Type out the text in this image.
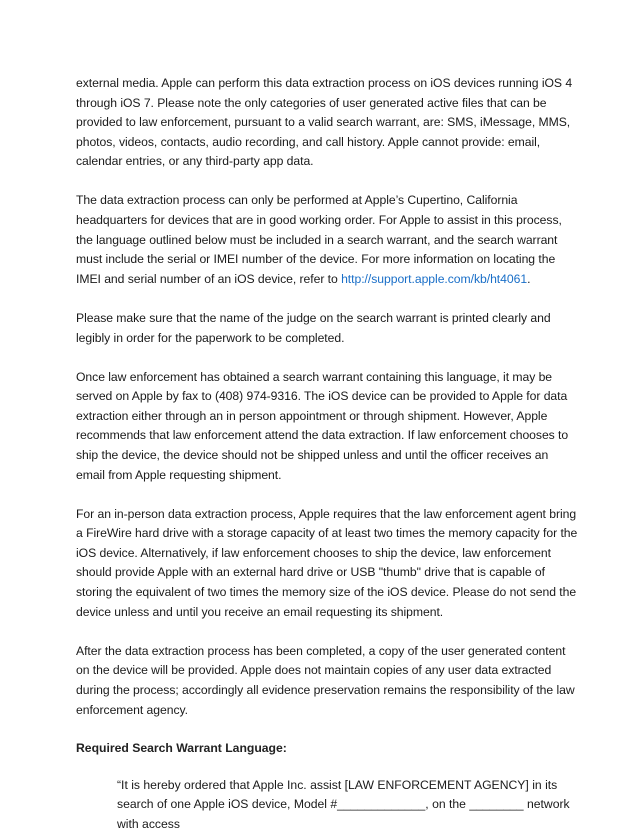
external media. Apple can perform this data extraction process on iOS devices running iOS 4 through iOS 7. Please note the only categories of user generated active files that can be provided to law enforcement, pursuant to a valid search warrant, are: SMS, iMessage, MMS, photos, videos, contacts, audio recording, and call history. Apple cannot provide: email, calendar entries, or any third-party app data.

The data extraction process can only be performed at Apple’s Cupertino, California headquarters for devices that are in good working order. For Apple to assist in this process, the language outlined below must be included in a search warrant, and the search warrant must include the serial or IMEI number of the device. For more information on locating the IMEI and serial number of an iOS device, refer to http://support.apple.com/kb/ht4061.

Please make sure that the name of the judge on the search warrant is printed clearly and legibly in order for the paperwork to be completed.

Once law enforcement has obtained a search warrant containing this language, it may be served on Apple by fax to (408) 974-9316. The iOS device can be provided to Apple for data extraction either through an in person appointment or through shipment. However, Apple recommends that law enforcement attend the data extraction. If law enforcement chooses to ship the device, the device should not be shipped unless and until the officer receives an email from Apple requesting shipment.

For an in-person data extraction process, Apple requires that the law enforcement agent bring a FireWire hard drive with a storage capacity of at least two times the memory capacity for the iOS device. Alternatively, if law enforcement chooses to ship the device, law enforcement should provide Apple with an external hard drive or USB "thumb" drive that is capable of storing the equivalent of two times the memory size of the iOS device. Please do not send the device unless and until you receive an email requesting its shipment.

After the data extraction process has been completed, a copy of the user generated content on the device will be provided. Apple does not maintain copies of any user data extracted during the process; accordingly all evidence preservation remains the responsibility of the law enforcement agency.

Required Search Warrant Language:

“It is hereby ordered that Apple Inc. assist [LAW ENFORCEMENT AGENCY] in its search of one Apple iOS device, Model #_____________, on the ________ network with access
